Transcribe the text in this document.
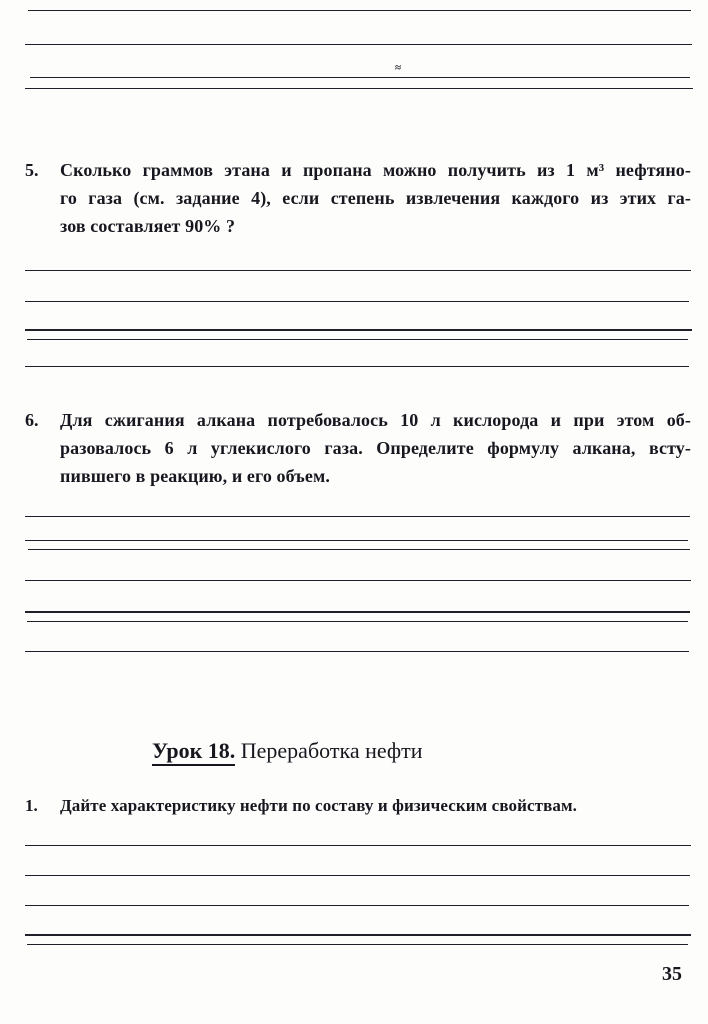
≈
5.	Сколько граммов этана и пропана можно получить из 1 м³ нефтяно-
го газа (см. задание 4), если степень извлечения каждого из этих га-
зов составляет 90% ?
6.	Для сжигания алкана потребовалось 10 л кислорода и при этом об-
разовалось 6 л углекислого газа. Определите формулу алкана, всту-
пившего в реакцию, и его объем.
Урок 18. Переработка нефти
1.	Дайте характеристику нефти по составу и физическим свойствам.
35
